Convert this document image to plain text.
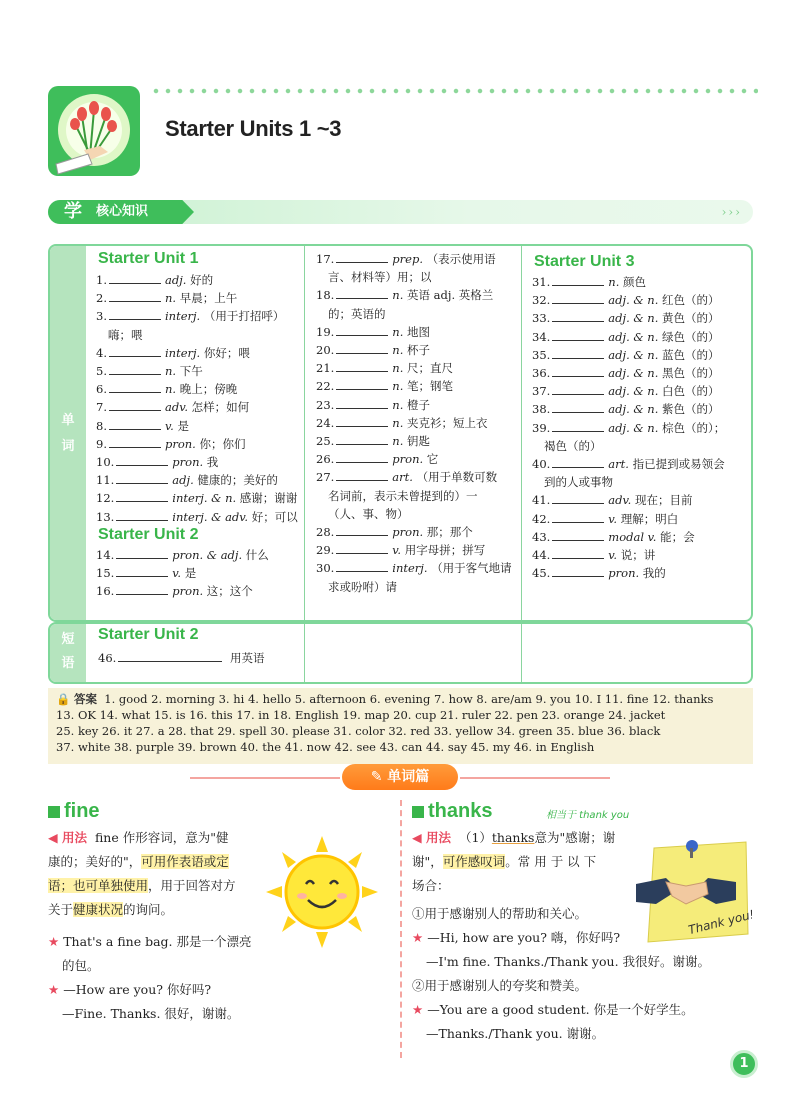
Starter Units 1 ~3
学 核心知识	›››
单
词
Starter Unit 1
1.	adj. 好的
2.	n. 早晨；上午
3.	interj. （用于打招呼）
嗨；喂
4.	interj. 你好；喂
5.	n. 下午
6.	n. 晚上；傍晚
7.	adv. 怎样；如何
8.	v. 是
9.	pron. 你；你们
10.	pron. 我
11.	adj. 健康的；美好的
12.	interj. & n. 感谢；谢谢
13.	interj. & adv. 好；可以
Starter Unit 2
14.	pron. & adj. 什么
15.	v. 是
16.	pron. 这；这个
17.	prep. （表示使用语
言、材料等）用；以
18.	n. 英语 adj. 英格兰
的；英语的
19.	n. 地图
20.	n. 杯子
21.	n. 尺；直尺
22.	n. 笔；钢笔
23.	n. 橙子
24.	n. 夹克衫；短上衣
25.	n. 钥匙
26.	pron. 它
27.	art. （用于单数可数
名词前，表示未曾提到的）一
（人、事、物）
28.	pron. 那；那个
29.	v. 用字母拼；拼写
30.	interj. （用于客气地请
求或吩咐）请
Starter Unit 3
31.	n. 颜色
32.	adj. & n. 红色（的）
33.	adj. & n. 黄色（的）
34.	adj. & n. 绿色（的）
35.	adj. & n. 蓝色（的）
36.	adj. & n. 黑色（的）
37.	adj. & n. 白色（的）
38.	adj. & n. 紫色（的）
39.	adj. & n. 棕色（的）；
褐色（的）
40.	art. 指已提到或易领会
到的人或事物
41.	adv. 现在；目前
42.	v. 理解；明白
43.	modal v. 能；会
44.	v. 说；讲
45.	pron. 我的
短
语
Starter Unit 2
46.	用英语
🔒 答案 1. good 2. morning 3. hi 4. hello 5. afternoon 6. evening 7. how 8. are/am 9. you 10. I 11. fine 12. thanks
13. OK 14. what 15. is 16. this 17. in 18. English 19. map 20. cup 21. ruler 22. pen 23. orange 24. jacket
25. key 26. it 27. a 28. that 29. spell 30. please 31. color 32. red 33. yellow 34. green 35. blue 36. black
37. white 38. purple 39. brown 40. the 41. now 42. see 43. can 44. say 45. my 46. in English
✎ 单词篇
fine
◀ 用法 fine 作形容词，意为"健
康的；美好的"，可用作表语或定
语；也可单独使用，用于回答对方
关于健康状况的询问。
★ That's a fine bag. 那是一个漂亮
的包。
★ —How are you? 你好吗?
—Fine. Thanks. 很好，谢谢。
thanks	相当于 thank you
◀ 用法 （1）thanks意为"感谢；谢
谢"，可作感叹词。常 用 于 以 下
场合：
①用于感谢别人的帮助和关心。
★ —Hi, how are you? 嗨，你好吗?
—I'm fine. Thanks./Thank you. 我很好。谢谢。
②用于感谢别人的夸奖和赞美。
★ —You are a good student. 你是一个好学生。
—Thanks./Thank you. 谢谢。
Thank you!
1
